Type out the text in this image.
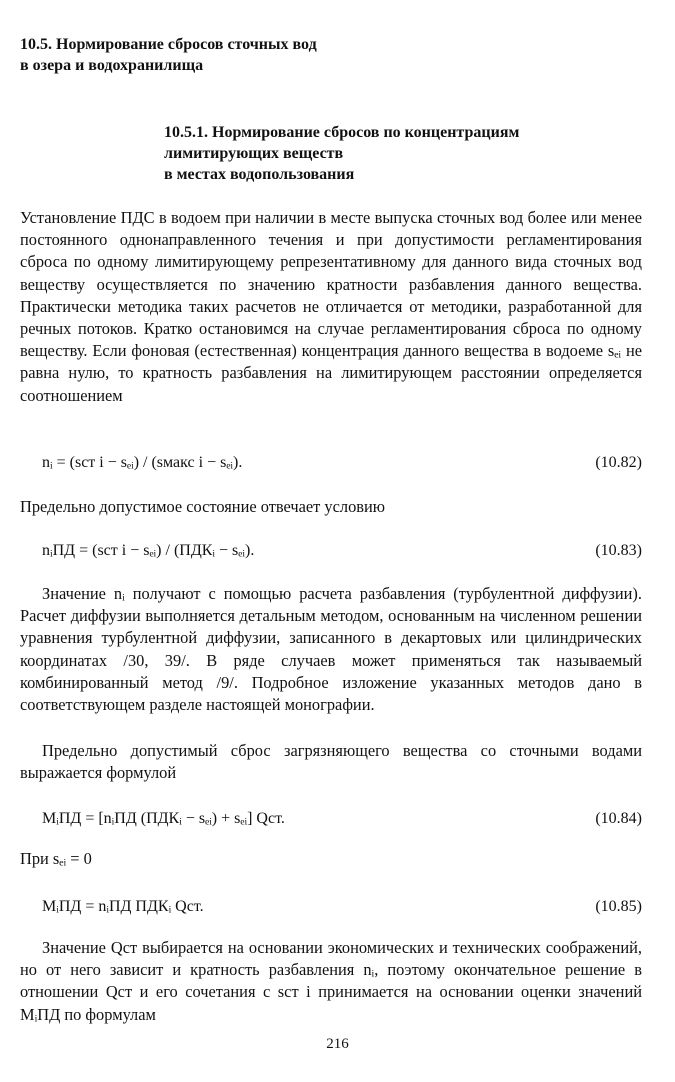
10.5. Нормирование сбросов сточных вод
в озера и водохранилища
10.5.1. Нормирование сбросов по концентрациям
лимитирующих веществ
в местах водопользования
Установление ПДС в водоем при наличии в месте выпуска сточных вод более или менее постоянного однонаправленного течения и при допустимости регламентирования сброса по одному лимитирующему репрезентативному для данного вида сточных вод веществу осуществляется по значению кратности разбавления данного вещества. Практически методика таких расчетов не отличается от методики, разработанной для речных потоков. Кратко остановимся на случае регламентирования сброса по одному веществу. Если фоновая (естественная) концентрация данного вещества в водоеме sₑᵢ не равна нулю, то кратность разбавления на лимитирующем расстоянии определяется соотношением
nᵢ = (sст i − sₑᵢ) / (sмакс i − sₑᵢ).	(10.82)
Предельно допустимое состояние отвечает условию
nᵢПД = (sст i − sₑᵢ) / (ПДКᵢ − sₑᵢ).	(10.83)
Значение nᵢ получают с помощью расчета разбавления (турбулентной диффузии). Расчет диффузии выполняется детальным методом, основанным на численном решении уравнения турбулентной диффузии, записанного в декартовых или цилиндрических координатах /30, 39/. В ряде случаев может применяться так называемый комбинированный метод /9/. Подробное изложение указанных методов дано в соответствующем разделе настоящей монографии.
Предельно допустимый сброс загрязняющего вещества со сточными водами выражается формулой
MᵢПД = [nᵢПД (ПДКᵢ − sₑᵢ) + sₑᵢ] Qст.	(10.84)
При sₑᵢ = 0
MᵢПД = nᵢПД ПДКᵢ Qст.	(10.85)
Значение Qст выбирается на основании экономических и технических соображений, но от него зависит и кратность разбавления nᵢ, поэтому окончательное решение в отношении Qст и его сочетания с sст i принимается на основании оценки значений MᵢПД по формулам
216
